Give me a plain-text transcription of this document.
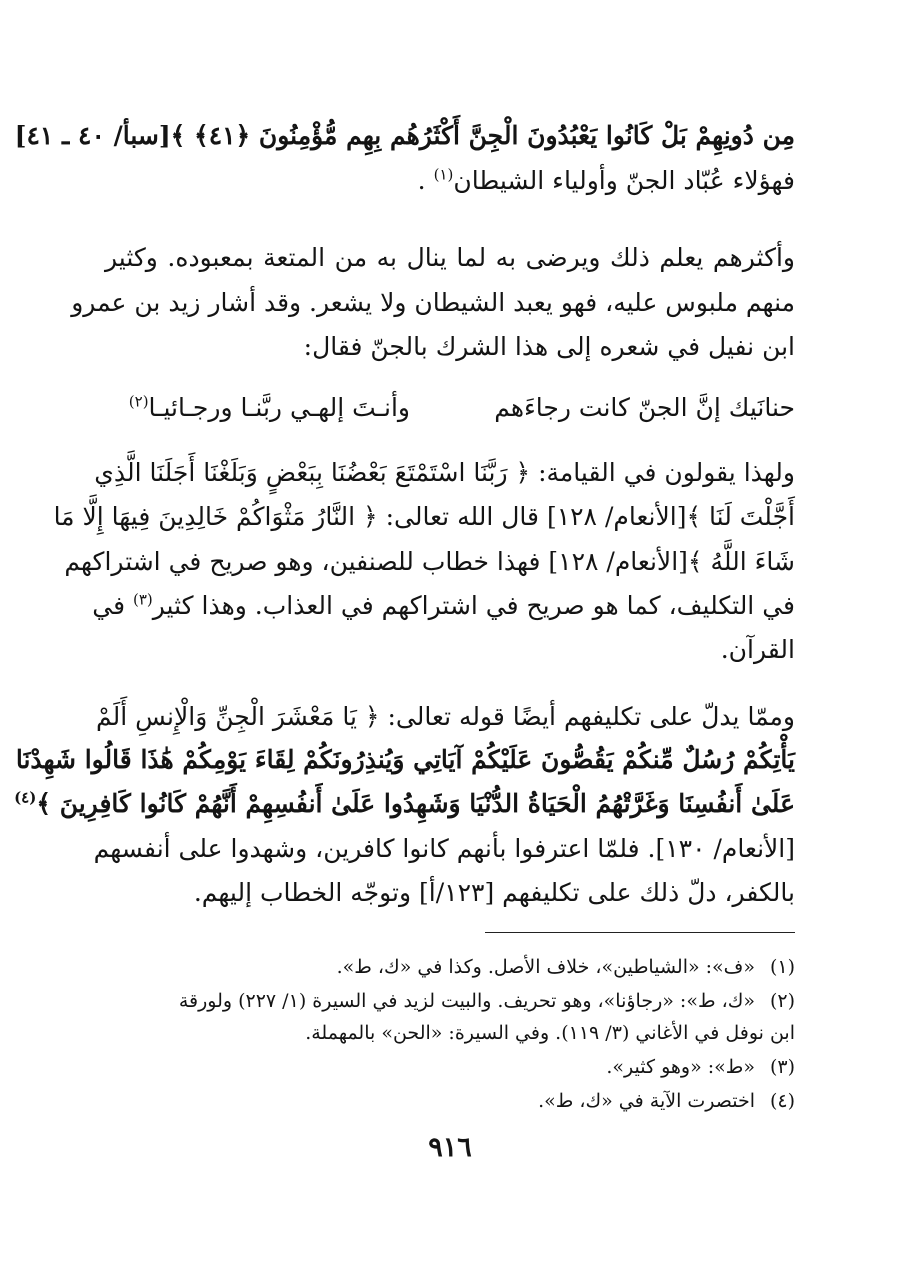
مِن دُونِهِمْ بَلْ كَانُوا يَعْبُدُونَ الْجِنَّ أَكْثَرُهُم بِهِم مُّؤْمِنُونَ ﴿٤١﴾ ﴾[سبأ/ ٤٠ ـ ٤١]
فهؤلاء عُبّاد الجنّ وأولياء الشيطان$^{(١)}$ .
وأكثرهم يعلم ذلك ويرضى به لما ينال به من المتعة بمعبوده. وكثير
منهم ملبوس عليه، فهو يعبد الشيطان ولا يشعر. وقد أشار زيد بن عمرو
ابن نفيل في شعره إلى هذا الشرك بالجنّ فقال:
حنانَيك إنَّ الجنّ كانت رجاءَهم
وأنـتَ إلهـي ربَّنـا ورجـائيـا$^{(٢)}$
ولهذا يقولون في القيامة: ﴿ رَبَّنَا اسْتَمْتَعَ بَعْضُنَا بِبَعْضٍ وَبَلَغْنَا أَجَلَنَا الَّذِي
أَجَّلْتَ لَنَا ﴾[الأنعام/ ١٢٨] قال الله تعالى: ﴿ النَّارُ مَثْوَاكُمْ خَالِدِينَ فِيهَا إِلَّا مَا
شَاءَ اللَّهُ ﴾[الأنعام/ ١٢٨] فهذا خطاب للصنفين، وهو صريح في اشتراكهم
في التكليف، كما هو صريح في اشتراكهم في العذاب. وهذا كثير$^{(٣)}$ في
القرآن.
وممّا يدلّ على تكليفهم أيضًا قوله تعالى: ﴿ يَا مَعْشَرَ الْجِنِّ وَالْإِنسِ أَلَمْ
يَأْتِكُمْ رُسُلٌ مِّنكُمْ يَقُصُّونَ عَلَيْكُمْ آيَاتِي وَيُنذِرُونَكُمْ لِقَاءَ يَوْمِكُمْ هَٰذَا قَالُوا شَهِدْنَا
عَلَىٰ أَنفُسِنَا وَغَرَّتْهُمُ الْحَيَاةُ الدُّنْيَا وَشَهِدُوا عَلَىٰ أَنفُسِهِمْ أَنَّهُمْ كَانُوا كَافِرِينَ ﴾$^{(٤)}$
[الأنعام/ ١٣٠]. فلمّا اعترفوا بأنهم كانوا كافرين، وشهدوا على أنفسهم
بالكفر، دلّ ذلك على تكليفهم [١٢٣/أ] وتوجّه الخطاب إليهم.
(١)«ف»: «الشياطين»، خلاف الأصل. وكذا في «ك، ط».
(٢)«ك، ط»: «رجاؤنا»، وهو تحريف. والبيت لزيد في السيرة (١/ ٢٢٧) ولورقة
ابن نوفل في الأغاني (٣/ ١١٩). وفي السيرة: «الحن» بالمهملة.
(٣)«ط»: «وهو كثير».
(٤)اختصرت الآية في «ك، ط».
٩١٦
